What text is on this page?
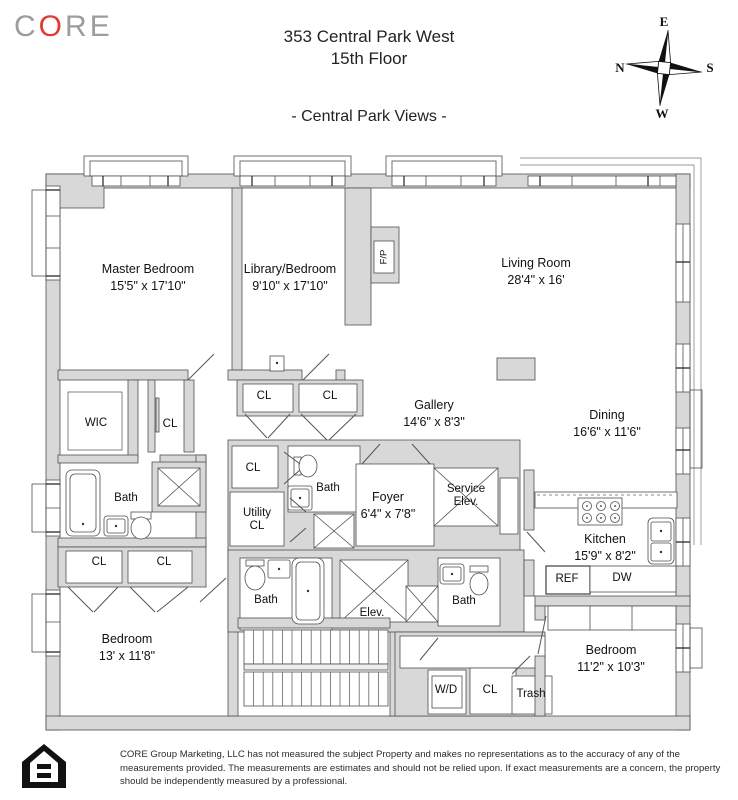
CORE	353 Central Park West
15th Floor
- Central Park Views -
E
N	S
W
Master Bedroom
15'5" x 17'10"
Library/Bedroom
9'10" x 17'10"
Living Room
28'4" x 16'
Gallery
14'6" x 8'3"	Dining
16'6" x 11'6"
Kitchen
15'9" x 8'2"
Foyer
6'4" x 7'8"
Bedroom
13' x 11'8"	Bedroom
11'2" x 10'3"
WIC	CL
Bath
CL	CL
CL	CL
CL
Utility
CL
Bath	Service
Elev.
Elev.
Bath	Bath
F/P
REF	DW
W/D CL Trash
CORE Group Marketing, LLC has not measured the subject Property and makes no representations as to the accuracy of any of the measurements provided. The measurements are estimates and should not be relied upon. If exact measurements are a concern, the property should be independently measured by a professional.
